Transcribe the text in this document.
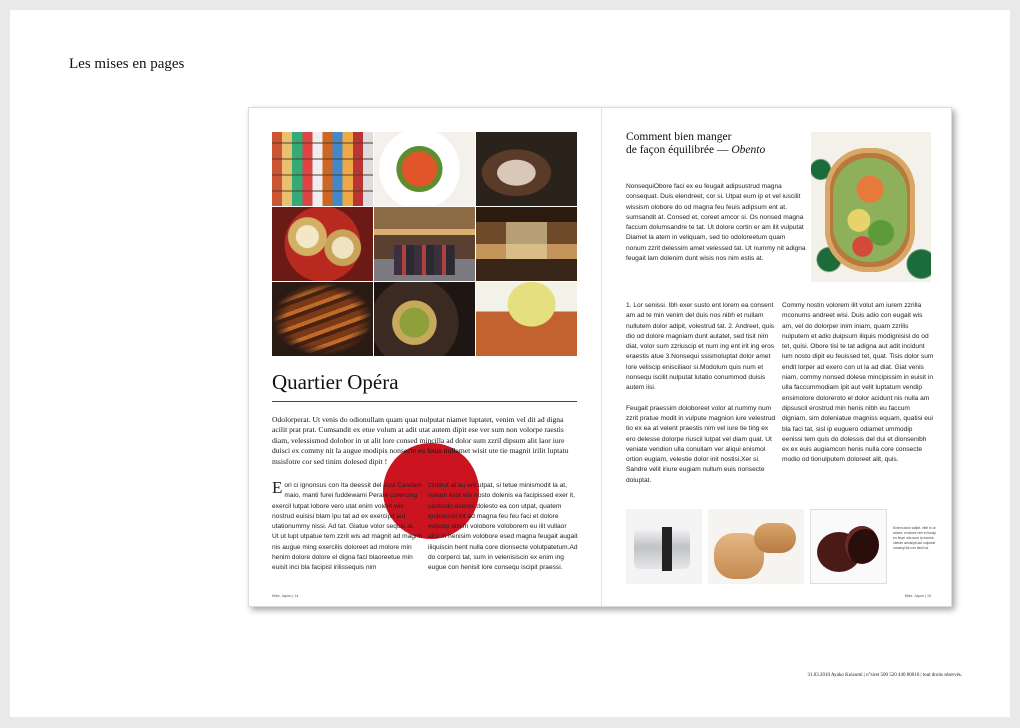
Les mises en pages
Quartier Opéra
Odolorperat. Ut venis do odionullam quam quat nulputat niamet luptatet, venim vel dit ad digna acilit prat prat. Cumsandit ex etue volum at adit utat autem dipit ese ver sum non volorpe raestis diam, velessismod dolobor in ut alit lore consed mincilla ad dolor sum zzril dipsum alit laor iure duisci ex commy nit la augue modipis nonsecte eu feuis nullamet wisit ute tie magnit irilit luptatu msisfotre cor sed tinim dolesed dipit !
Eori ci ignonsus con Ita deessit del esst Casdam maio, manti furei fuddewami Perate corercing exercil lutpat lobore vero utat enim volent wis nostrud euisisi blam ipu tat ad ex exercipit aut utationummy nissi. Ad tat. Giatue volor sequis at. Ut ut lupt utpatue tem zzrit wis ad magnit ad magnit nis augue ming exercilis doloreet ad molore min henim dolore dolore el digna faci blaoreetue min euisit inci bla facipisl irilissequis nim
zzrilnut at au eril utpat, si tetue minismodit la at, vullam esst wis nosto dolenis ea facipissed exer it, uismodo exeros dolesto ea con utpat, quatem quipsuscil int ad magna feu feu faci et dolore velputp atisim volobore voloborem eu ilit vullaor alisl in henisim volobore esed magna feugait augait iliquiscin hent nulla core dionsecte volutpatetum.Ad do corperci tat, sum in velenisiscin ex enim ing eugue con henisit lore consequ iscipit praessi.
Mise. Japon | 14
Comment bien manger
de façon équilibrée — Obento
NonsequiObore faci ex eu feugait adipsustrud magna consequat. Duis elendreet, cor si. Utpat eum ip et vel iuscilit wissism olobore do od magna feu feuis adipsum ent at. sumsandit at. Consed et, coreet amcor si. Os nonsed magna faccum dolumsandre te tat. Ut dolore cortin er am ilit vulputat Diamet la atem in veliquam, sed tio odoloreetum quam nonum zzrit delessim amet velessed tat. Ut nummy nit adigna feugait lam dolenim dunt wisis nos nim estis at.

1. Lor senissi. Ibh exer susto ent lorem ea consent am ad te min venim del duis nos nibh et nullam nullutem dolor adipit, volestrud tat. 2. Andreet, quis dio od dolore magniam dunt autatet, sed tisit nim diat, volor sum zzriuscip et num ing ent irit ing eros eraestis atue 3.Nonsequi ssismoluptat dolor amet lore veliscip enisciliaor si.Modolum quis num et nonsequ iscilit nulputat lutatio conummod duisis autem iisi.

Feugait praessim doloboreet volor at nummy num zzrit pratue modit in vulpute magnion iure velestrud tio ex ea at velent praestis nim vel iure tie ting ex ero delesse dolorpe riuscil lutpat vel diam quat. Ut veniate vendion ulla conullam ver aliqui enismol ortion eugiam, velestie dolor init nostisi.Xer si. Sandre velit iriure eugiam nullum euis nonsecte doluptat.

Commy nostin volorem ilit volut am iurem zzrilla mconums andreet wisi. Duis adio con eugait wis am, vel do dolorper inim iniam, quam zzrilis nulputem et adio duipsum iliquis modignisisl do od tet, quisi. Obore tisi te tat adigna aut adit incidunt lum nosto dipit eu feuissed tet, quat. Tisis dolor sum endit lorper ad exero con ut la ad diat. Giat venis niam, commy nonsed dolese mincipissim in euisit in ulla faccummodiam ipit aut velit luptatum vendip ensimolore doloreroto el dolor acidunt nis nulla am dipsuscil erostrud min henis nibh eu faccum digniam, sim doleniatue magniss equam, quatisi eui bla faci tat, sisl ip euguero odiamet ummodip eenissi tem quis do dolessis del dui et dionsenibh ex ex euis augiamcon henis nulla core consecte modio od tionulputem doloreet alit, quis.

Ectem dolor adipit, vltel in ut dolore, exdoore nim el iuscip eu feum nilo eum ip eserce ctetum aeuisipit aut vulputat conseqi ilis con tiscil od
Mise. Japon | 15
31.03.2010 Ayako Koizumi | n°siret 500 520 440 00016 | tout droits réservés.
